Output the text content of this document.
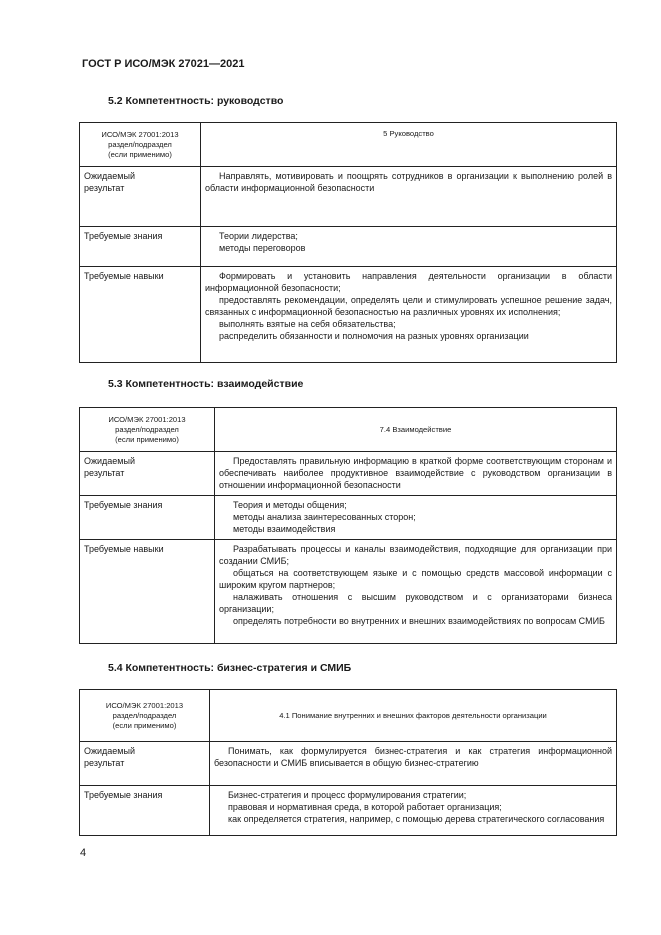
ГОСТ Р ИСО/МЭК 27021—2021
5.2 Компетентность: руководство
ИСО/МЭК 27001:2013
раздел/подраздел
(если применимо)	5 Руководство

Ожидаемый
результат	Направлять, мотивировать и поощрять сотрудников в организации к выполнению ролей в области информационной безопасности

Требуемые знания	Теории лидерства;

методы переговоров

Требуемые навыки	Формировать и установить направления деятельности организации в области информационной безопасности;

предоставлять рекомендации, определять цели и стимулировать успешное решение задач, связанных с информационной безопасностью на различных уровнях их исполнения;

выполнять взятые на себя обязательства;

распределить обязанности и полномочия на разных уровнях организации

5.3 Компетентность: взаимодействие
ИСО/МЭК 27001:2013
раздел/подраздел
(если применимо)	7.4 Взаимодействие

Ожидаемый
результат	Предоставлять правильную информацию в краткой форме соответствующим сторонам и обеспечивать наиболее продуктивное взаимодействие с руководством организации в отношении информационной безопасности

Требуемые знания	Теория и методы общения;

методы анализа заинтересованных сторон;

методы взаимодействия

Требуемые навыки	Разрабатывать процессы и каналы взаимодействия, подходящие для организации при создании СМИБ;

общаться на соответствующем языке и с помощью средств массовой информации с широким кругом партнеров;

налаживать отношения с высшим руководством и с организаторами бизнеса организации;

определять потребности во внутренних и внешних взаимодействиях по вопросам СМИБ

5.4 Компетентность: бизнес-стратегия и СМИБ
ИСО/МЭК 27001:2013
раздел/подраздел
(если применимо)	4.1 Понимание внутренних и внешних факторов деятельности организации

Ожидаемый
результат	Понимать, как формулируется бизнес-стратегия и как стратегия информационной безопасности и СМИБ вписывается в общую бизнес-стратегию

Требуемые знания	Бизнес-стратегия и процесс формулирования стратегии;

правовая и нормативная среда, в которой работает организация;

как определяется стратегия, например, с помощью дерева стратегического согласования

4
